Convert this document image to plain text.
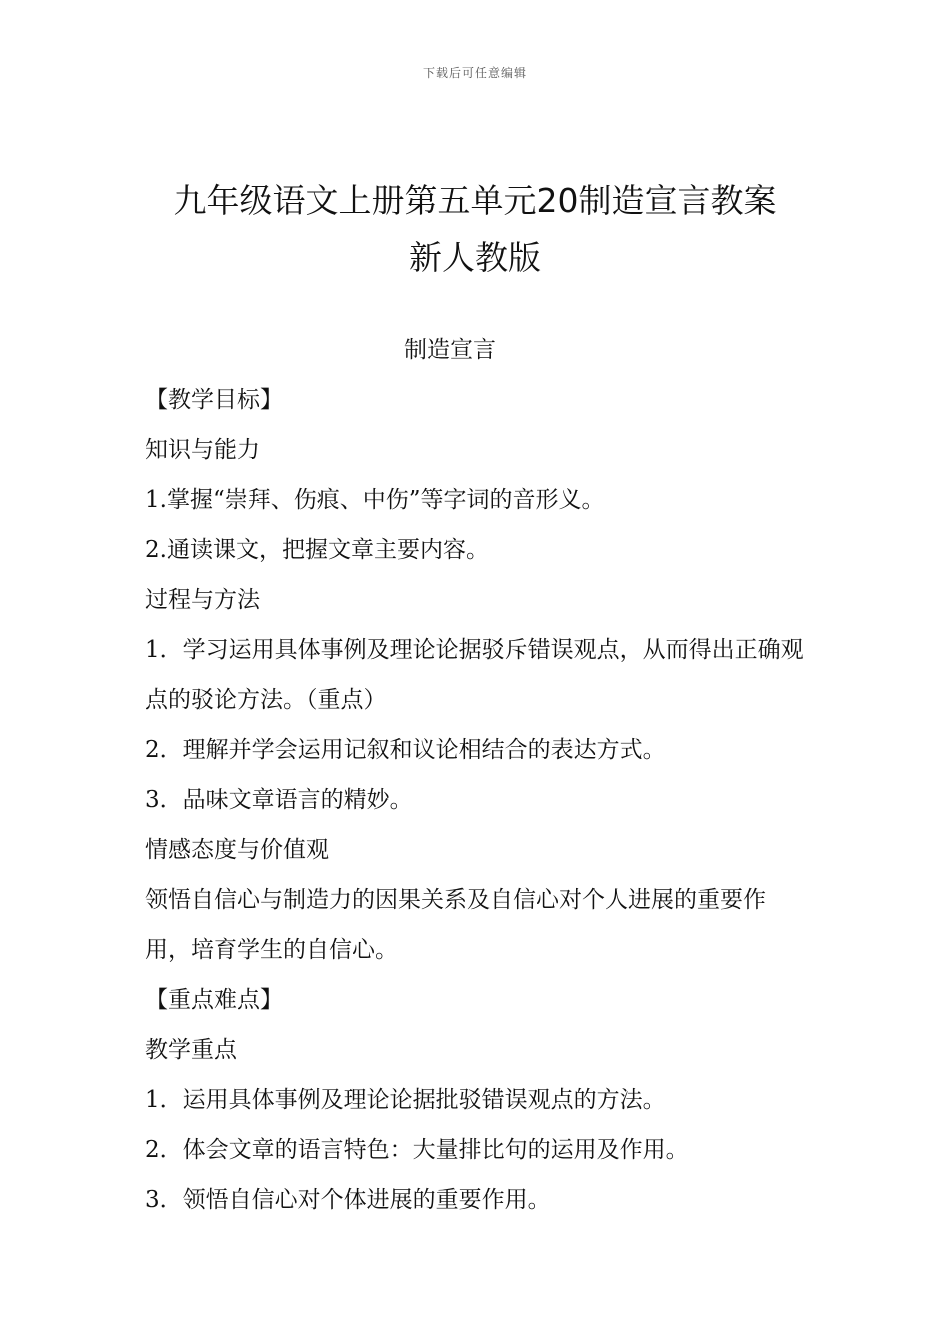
下载后可任意编辑
九年级语文上册第五单元20制造宣言教案
新人教版
制造宣言
【教学目标】
知识与能力
1.掌握“崇拜、伤痕、中伤”等字词的音形义。
2.通读课文，把握文章主要内容。
过程与方法
1．学习运用具体事例及理论论据驳斥错误观点，从而得出正确观点的驳论方法。（重点）
2．理解并学会运用记叙和议论相结合的表达方式。
3．品味文章语言的精妙。
情感态度与价值观
领悟自信心与制造力的因果关系及自信心对个人进展的重要作用，培育学生的自信心。
【重点难点】
教学重点
1．运用具体事例及理论论据批驳错误观点的方法。
2．体会文章的语言特色：大量排比句的运用及作用。
3．领悟自信心对个体进展的重要作用。
